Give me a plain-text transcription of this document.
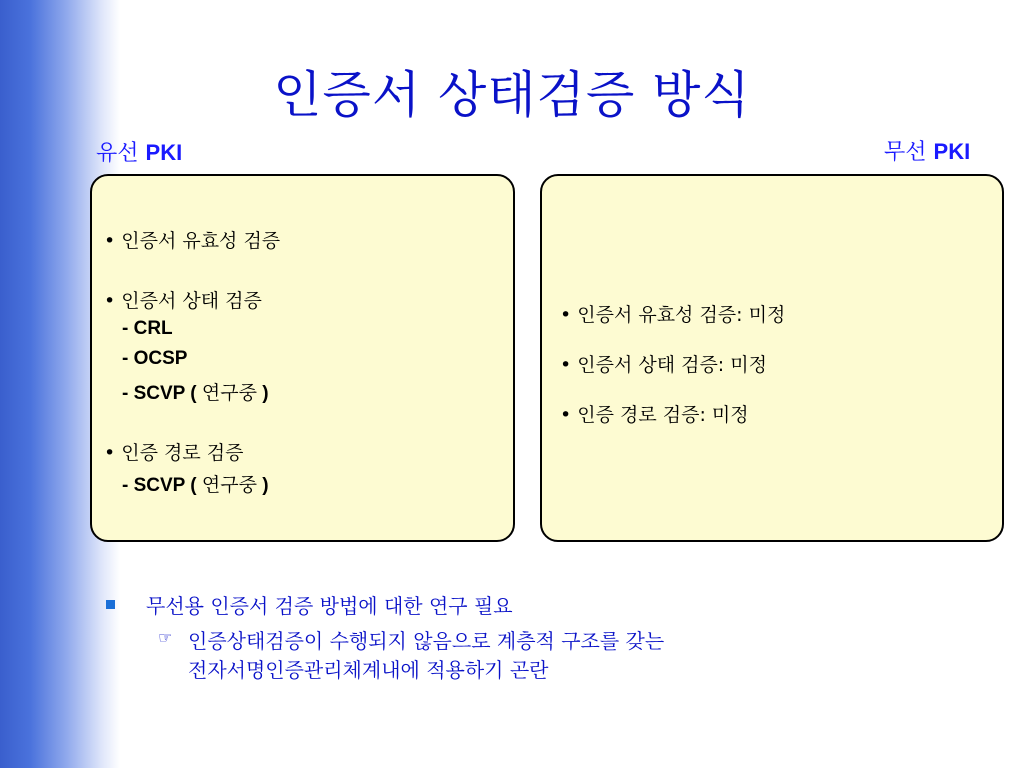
인증서 상태검증 방식
유선 PKI	무선 PKI
• 인증서 유효성 검증
• 인증서 상태 검증
- CRL
- OCSP
- SCVP ( 연구중 )
• 인증 경로 검증
- SCVP ( 연구중 )
• 인증서 유효성 검증: 미정
• 인증서 상태 검증: 미정
• 인증 경로 검증: 미정
무선용 인증서 검증 방법에 대한 연구 필요
☞ 인증상태검증이 수행되지 않음으로 계층적 구조를 갖는
전자서명인증관리체계내에 적용하기 곤란
